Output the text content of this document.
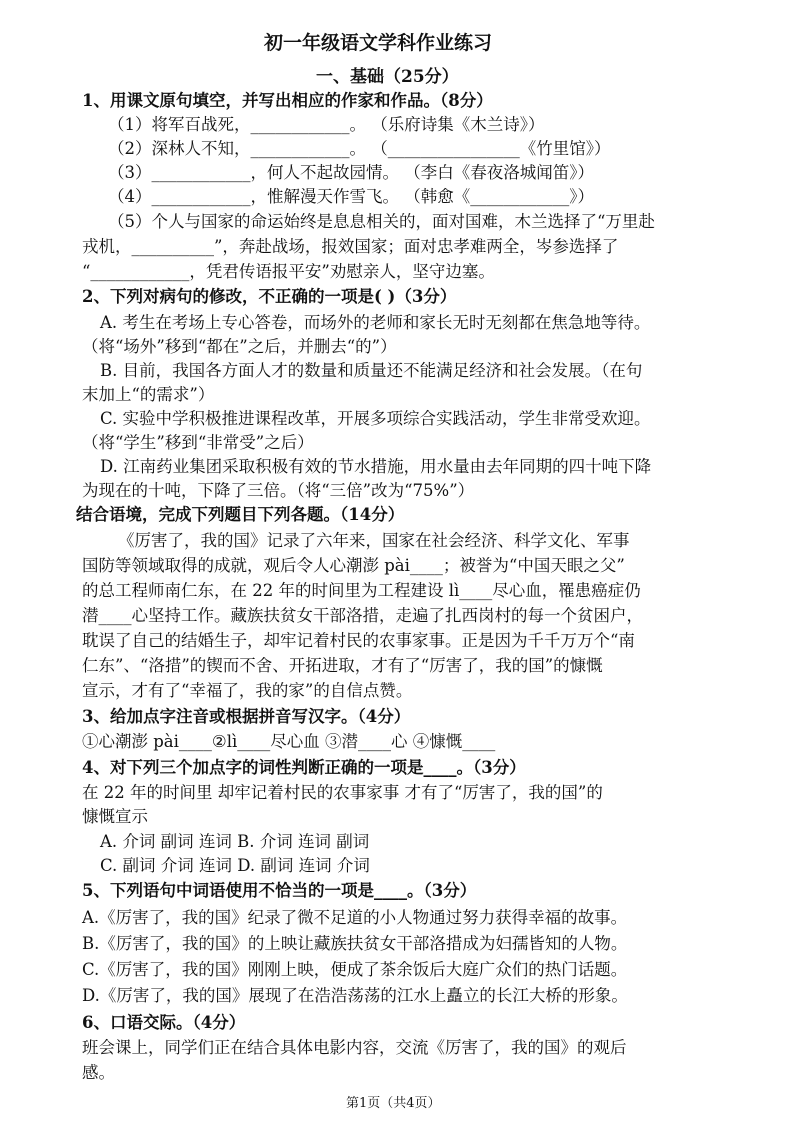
初一年级语文学科作业练习
一、基础（25分）
1、用课文原句填空，并写出相应的作家和作品。（8分）
（1）将军百战死，____________。 （乐府诗集《木兰诗》）
（2）深林人不知，____________。 （________________《竹里馆》）
（3）____________，何人不起故园情。 （李白《春夜洛城闻笛》）
（4）____________，惟解漫天作雪飞。 （韩愈《____________》）
（5）个人与国家的命运始终是息息相关的，面对国难，木兰选择了“万里赴
戎机，__________”，奔赴战场，报效国家；面对忠孝难两全，岑参选择了
“____________，凭君传语报平安”劝慰亲人，坚守边塞。
2、下列对病句的修改，不正确的一项是( )（3分）
A. 考生在考场上专心答卷，而场外的老师和家长无时无刻都在焦急地等待。
（将“场外”移到“都在”之后，并删去“的”）
B. 目前，我国各方面人才的数量和质量还不能满足经济和社会发展。（在句
末加上“的需求”）
C. 实验中学积极推进课程改革，开展多项综合实践活动，学生非常受欢迎。
（将“学生”移到“非常受”之后）
D. 江南药业集团采取积极有效的节水措施，用水量由去年同期的四十吨下降
为现在的十吨，下降了三倍。（将“三倍”改为“75%”）
结合语境，完成下列题目下列各题。（14分）
《厉害了，我的国》记录了六年来，国家在社会经济、科学文化、军事
国防等领域取得的成就，观后令人心潮澎 pài____；被誉为“中国天眼之父”
的总工程师南仁东，在 22 年的时间里为工程建设 lì____尽心血，罹患癌症仍
潜____心坚持工作。藏族扶贫女干部洛措，走遍了扎西岗村的每一个贫困户，
耽误了自己的结婚生子，却牢记着村民的农事家事。正是因为千千万万个“南
仁东”、“洛措”的锲而不舍、开拓进取，才有了“厉害了，我的国”的慷慨
宣示，才有了“幸福了，我的家”的自信点赞。
3、给加点字注音或根据拼音写汉字。（4分）
①心潮澎 pài____②lì____尽心血 ③潜____心 ④慷慨____
4、对下列三个加点字的词性判断正确的一项是____。（3分）
在 22 年的时间里 却牢记着村民的农事家事 才有了“厉害了，我的国”的
慷慨宣示
A. 介词 副词 连词 B. 介词 连词 副词
C. 副词 介词 连词 D. 副词 连词 介词
5、下列语句中词语使用不恰当的一项是____。（3分）
A.《厉害了，我的国》纪录了微不足道的小人物通过努力获得幸福的故事。
B.《厉害了，我的国》的上映让藏族扶贫女干部洛措成为妇孺皆知的人物。
C.《厉害了，我的国》刚刚上映，便成了茶余饭后大庭广众们的热门话题。
D.《厉害了，我的国》展现了在浩浩荡荡的江水上矗立的长江大桥的形象。
6、口语交际。（4分）
班会课上，同学们正在结合具体电影内容，交流《厉害了，我的国》的观后
感。
第1页（共4页）
